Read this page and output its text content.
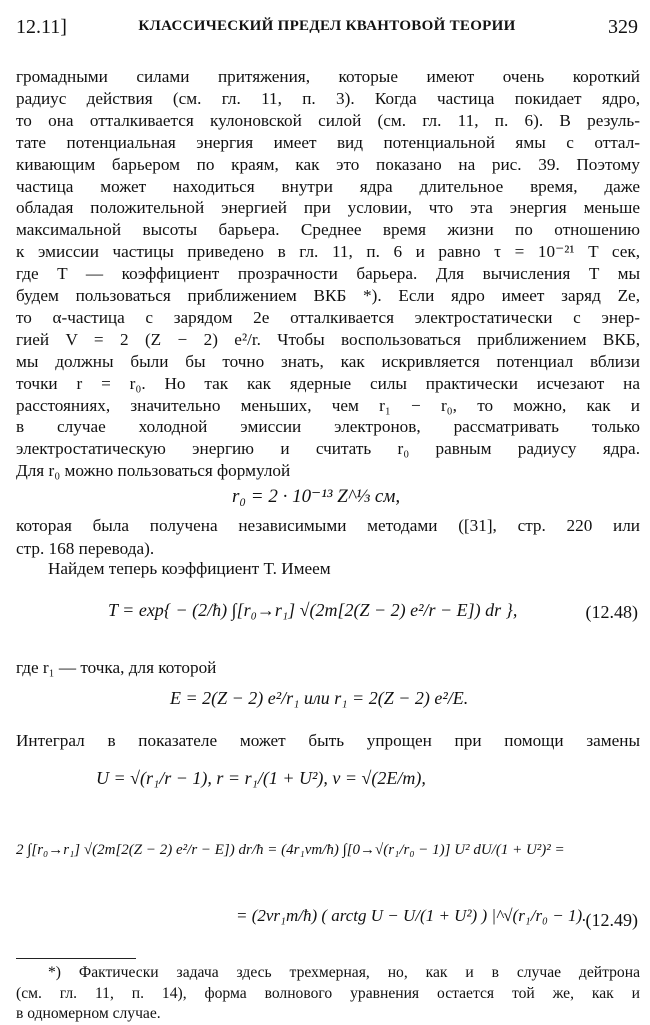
12.11]	КЛАССИЧЕСКИЙ ПРЕДЕЛ КВАНТОВОЙ ТЕОРИИ	329
громадными силами притяжения, которые имеют очень короткий
радиус действия (см. гл. 11, п. 3). Когда частица покидает ядро,
то она отталкивается кулоновской силой (см. гл. 11, п. 6). В резуль-
тате потенциальная энергия имеет вид потенциальной ямы с оттал-
кивающим барьером по краям, как это показано на рис. 39. Поэтому
частица может находиться внутри ядра длительное время, даже
обладая положительной энергией при условии, что эта энергия меньше
максимальной высоты барьера. Среднее время жизни по отношению
к эмиссии частицы приведено в гл. 11, п. 6 и равно τ = 10⁻²¹ T сек,
где T — коэффициент прозрачности барьера. Для вычисления T мы
будем пользоваться приближением ВКБ *). Если ядро имеет заряд Ze,
то α-частица с зарядом 2e отталкивается электростатически с энер-
гией V = 2 (Z − 2) e²/r. Чтобы воспользоваться приближением ВКБ,
мы должны были бы точно знать, как искривляется потенциал вблизи
точки r = r₀. Но так как ядерные силы практически исчезают на
расстояниях, значительно меньших, чем r₁ − r₀, то можно, как и
в случае холодной эмиссии электронов, рассматривать только
электростатическую энергию и считать r₀ равным радиусу ядра.
Для r₀ можно пользоваться формулой
r₀ = 2 · 10⁻¹³ Z^⅓ см,
которая была получена независимыми методами ([31], стр. 220 или
стр. 168 перевода).
Найдем теперь коэффициент T. Имеем
T = exp{ − (2/ħ) ∫[r₀→r₁] √(2m[2(Z − 2) e²/r − E]) dr },	(12.48)
где r₁ — точка, для которой
E = 2(Z − 2) e²/r₁ или r₁ = 2(Z − 2) e²/E.
Интеграл в показателе может быть упрощен при помощи замены
U = √(r₁/r − 1), r = r₁/(1 + U²), v = √(2E/m),
2 ∫[r₀→r₁] √(2m[2(Z − 2) e²/r − E]) dr/ħ = (4r₁vm/ħ) ∫[0→√(r₁/r₀ − 1)] U² dU/(1 + U²)² =
= (2vr₁m/ħ) ( arctg U − U/(1 + U²) ) |^√(r₁/r₀ − 1). (12.49)
*) Фактически задача здесь трехмерная, но, как и в случае дейтрона
(см. гл. 11, п. 14), форма волнового уравнения остается той же, как и
в одномерном случае.
